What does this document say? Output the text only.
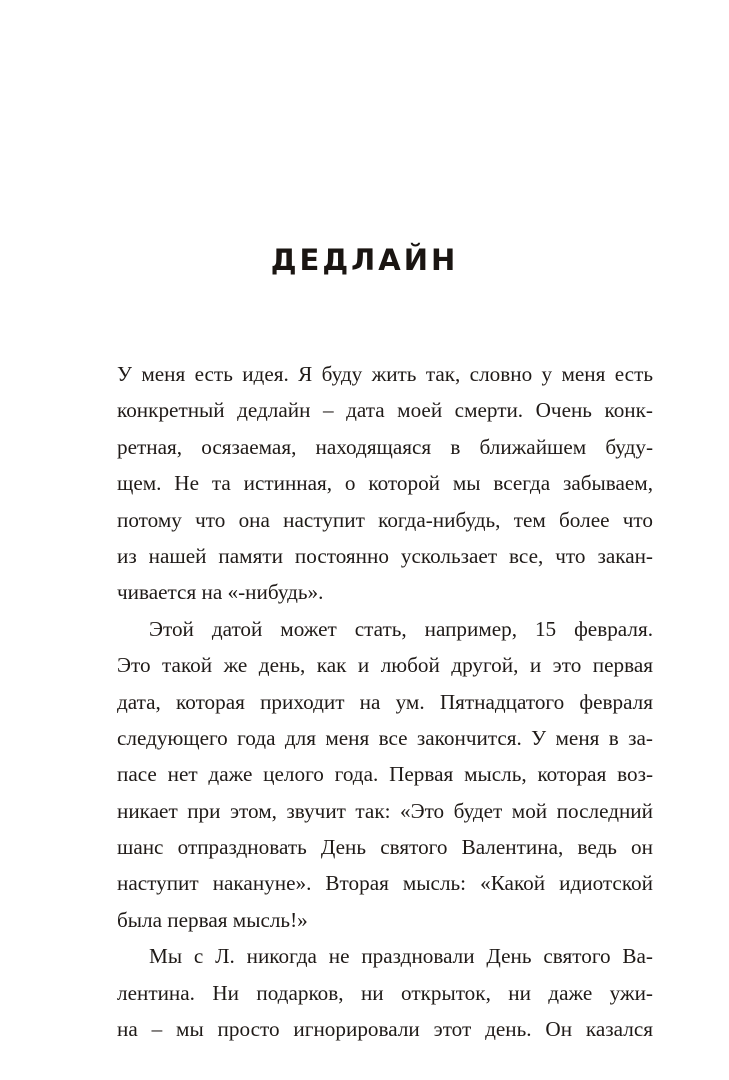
ДЕДЛАЙН
У меня есть идея. Я буду жить так, словно у меня есть
конкретный дедлайн – дата моей смерти. Очень конк-
ретная, осязаемая, находящаяся в ближайшем буду-
щем. Не та истинная, о которой мы всегда забываем,
потому что она наступит когда-нибудь, тем более что
из нашей памяти постоянно ускользает все, что закан-
чивается на «-нибудь».
Этой датой может стать, например, 15 февраля.
Это такой же день, как и любой другой, и это первая
дата, которая приходит на ум. Пятнадцатого февраля
следующего года для меня все закончится. У меня в за-
пасе нет даже целого года. Первая мысль, которая воз-
никает при этом, звучит так: «Это будет мой последний
шанс отпраздновать День святого Валентина, ведь он
наступит накануне». Вторая мысль: «Какой идиотской
была первая мысль!»
Мы с Л. никогда не праздновали День святого Ва-
лентина. Ни подарков, ни открыток, ни даже ужи-
на – мы просто игнорировали этот день. Он казался
